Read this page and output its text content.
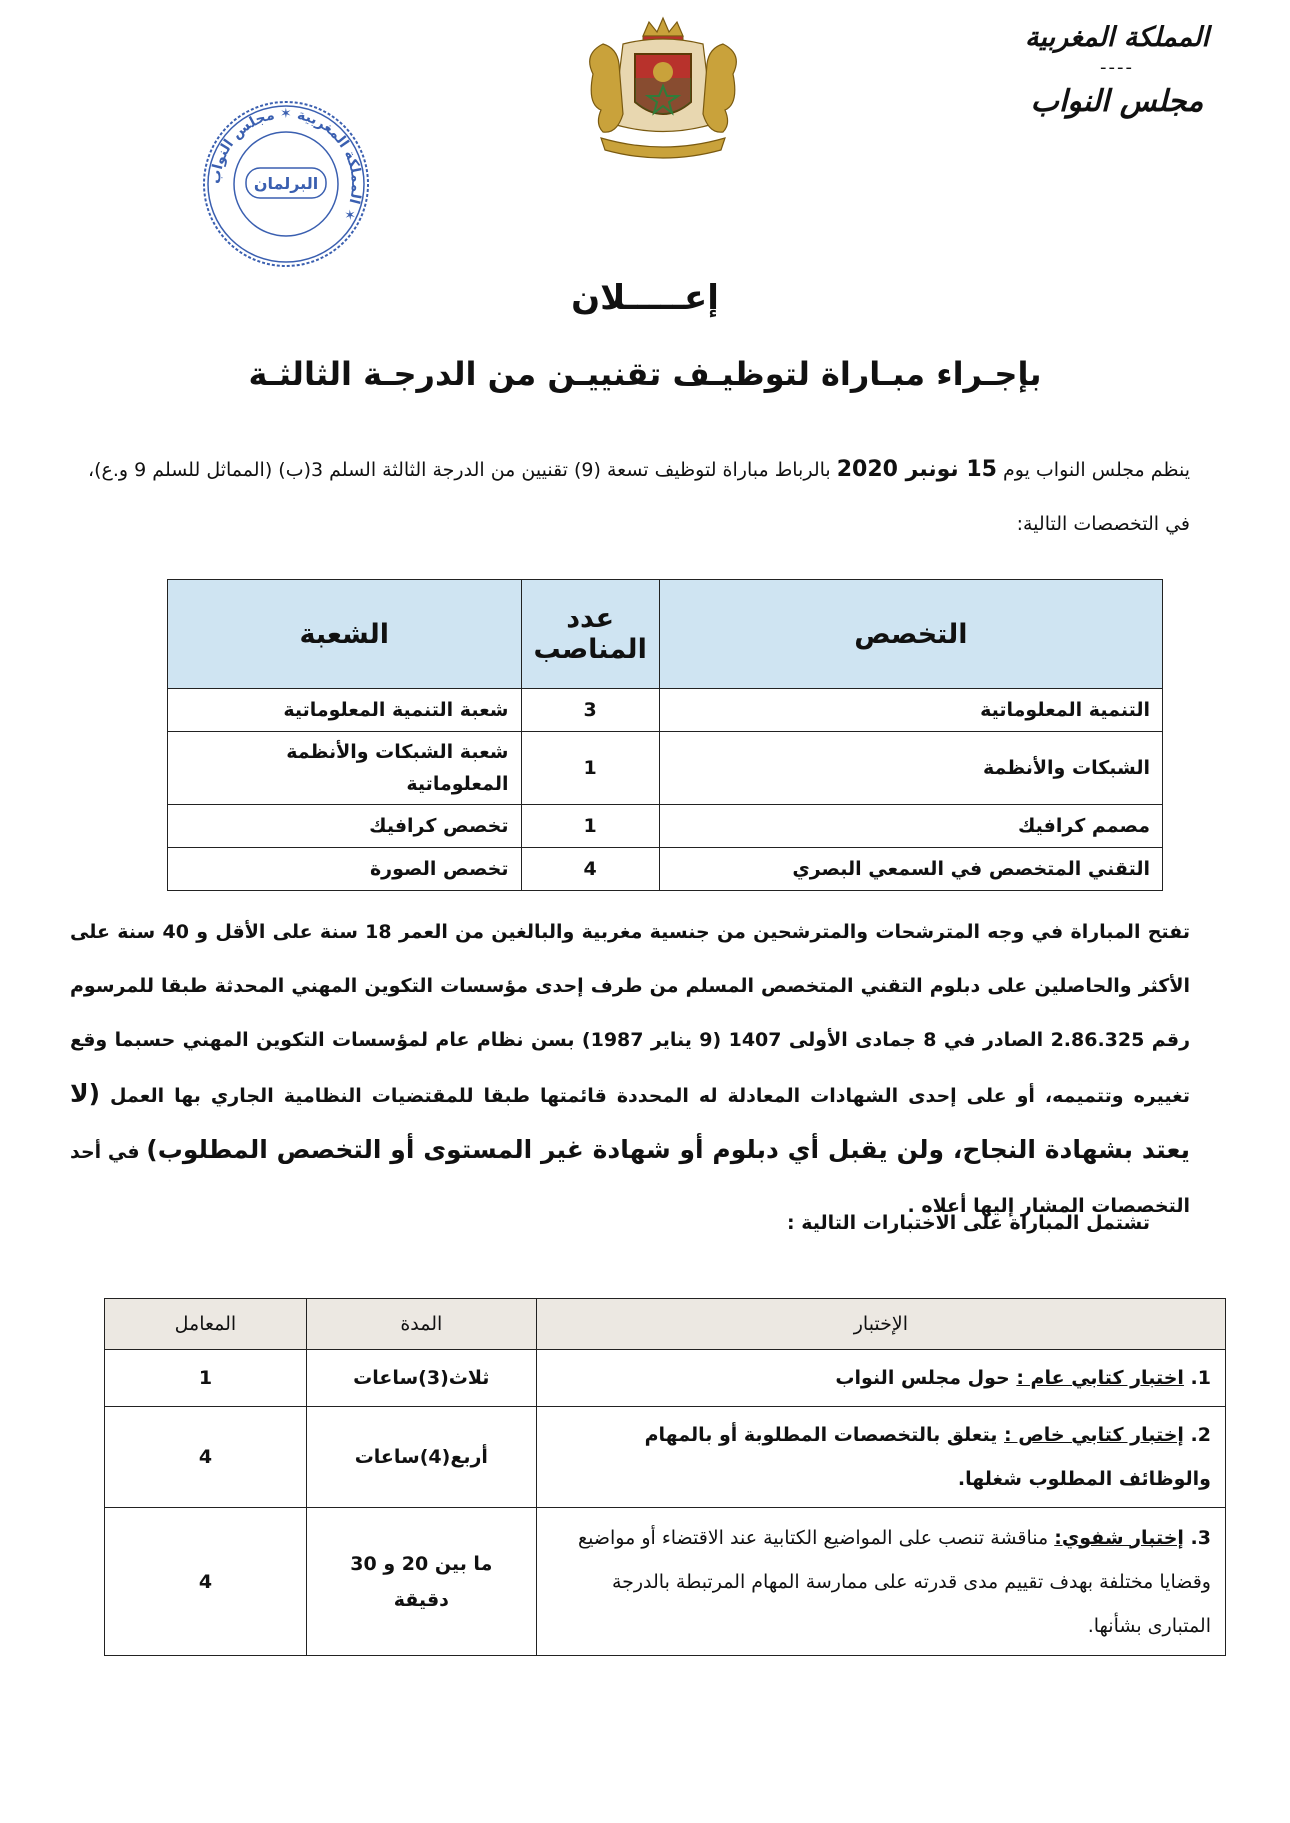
المملكة المغربية
----
مجلس النواب
المملكة المغربية ✶ مجلس النواب ✶
البرلمان
إعـــــلان
بإجـراء مبـاراة لتوظيـف تقنييـن من الدرجـة الثالثـة
ينظم مجلس النواب يوم 15 نونبر 2020 بالرباط مباراة لتوظيف تسعة (9) تقنيين من الدرجة الثالثة السلم 3(ب) (المماثل للسلم 9 و.ع)، في التخصصات التالية:
التخصص	عدد المناصب	الشعبة
التنمية المعلوماتية	3	شعبة التنمية المعلوماتية
الشبكات والأنظمة	1	شعبة الشبكات والأنظمة المعلوماتية
مصمم كرافيك	1	تخصص كرافيك
التقني المتخصص في السمعي البصري	4	تخصص الصورة
تفتح المباراة في وجه المترشحات والمترشحين من جنسية مغربية والبالغين من العمر 18 سنة على الأقل و 40 سنة على الأكثر والحاصلين على دبلوم التقني المتخصص المسلم من طرف إحدى مؤسسات التكوين المهني المحدثة طبقا للمرسوم رقم 2.86.325 الصادر في 8 جمادى الأولى 1407 (9 يناير 1987) بسن نظام عام لمؤسسات التكوين المهني حسبما وقع تغييره وتتميمه، أو على إحدى الشهادات المعادلة له المحددة قائمتها طبقا للمقتضيات النظامية الجاري بها العمل (لا يعتد بشهادة النجاح، ولن يقبل أي دبلوم أو شهادة غير المستوى أو التخصص المطلوب) في أحد التخصصات المشار إليها أعلاه .
تشتمل المباراة على الاختبارات التالية :
الإختبار	المدة	المعامل
1. اختبار كتابي عام : حول مجلس النواب	ثلاث(3)ساعات	1
2. إختبار كتابي خاص : يتعلق بالتخصصات المطلوبة أو بالمهام والوظائف المطلوب شغلها.	أربع(4)ساعات	4
3. إختبار شفوي: مناقشة تنصب على المواضيع الكتابية عند الاقتضاء أو مواضيع وقضايا مختلفة بهدف تقييم مدى قدرته على ممارسة المهام المرتبطة بالدرجة المتبارى بشأنها.	ما بين 20 و 30 دقيقة	4
